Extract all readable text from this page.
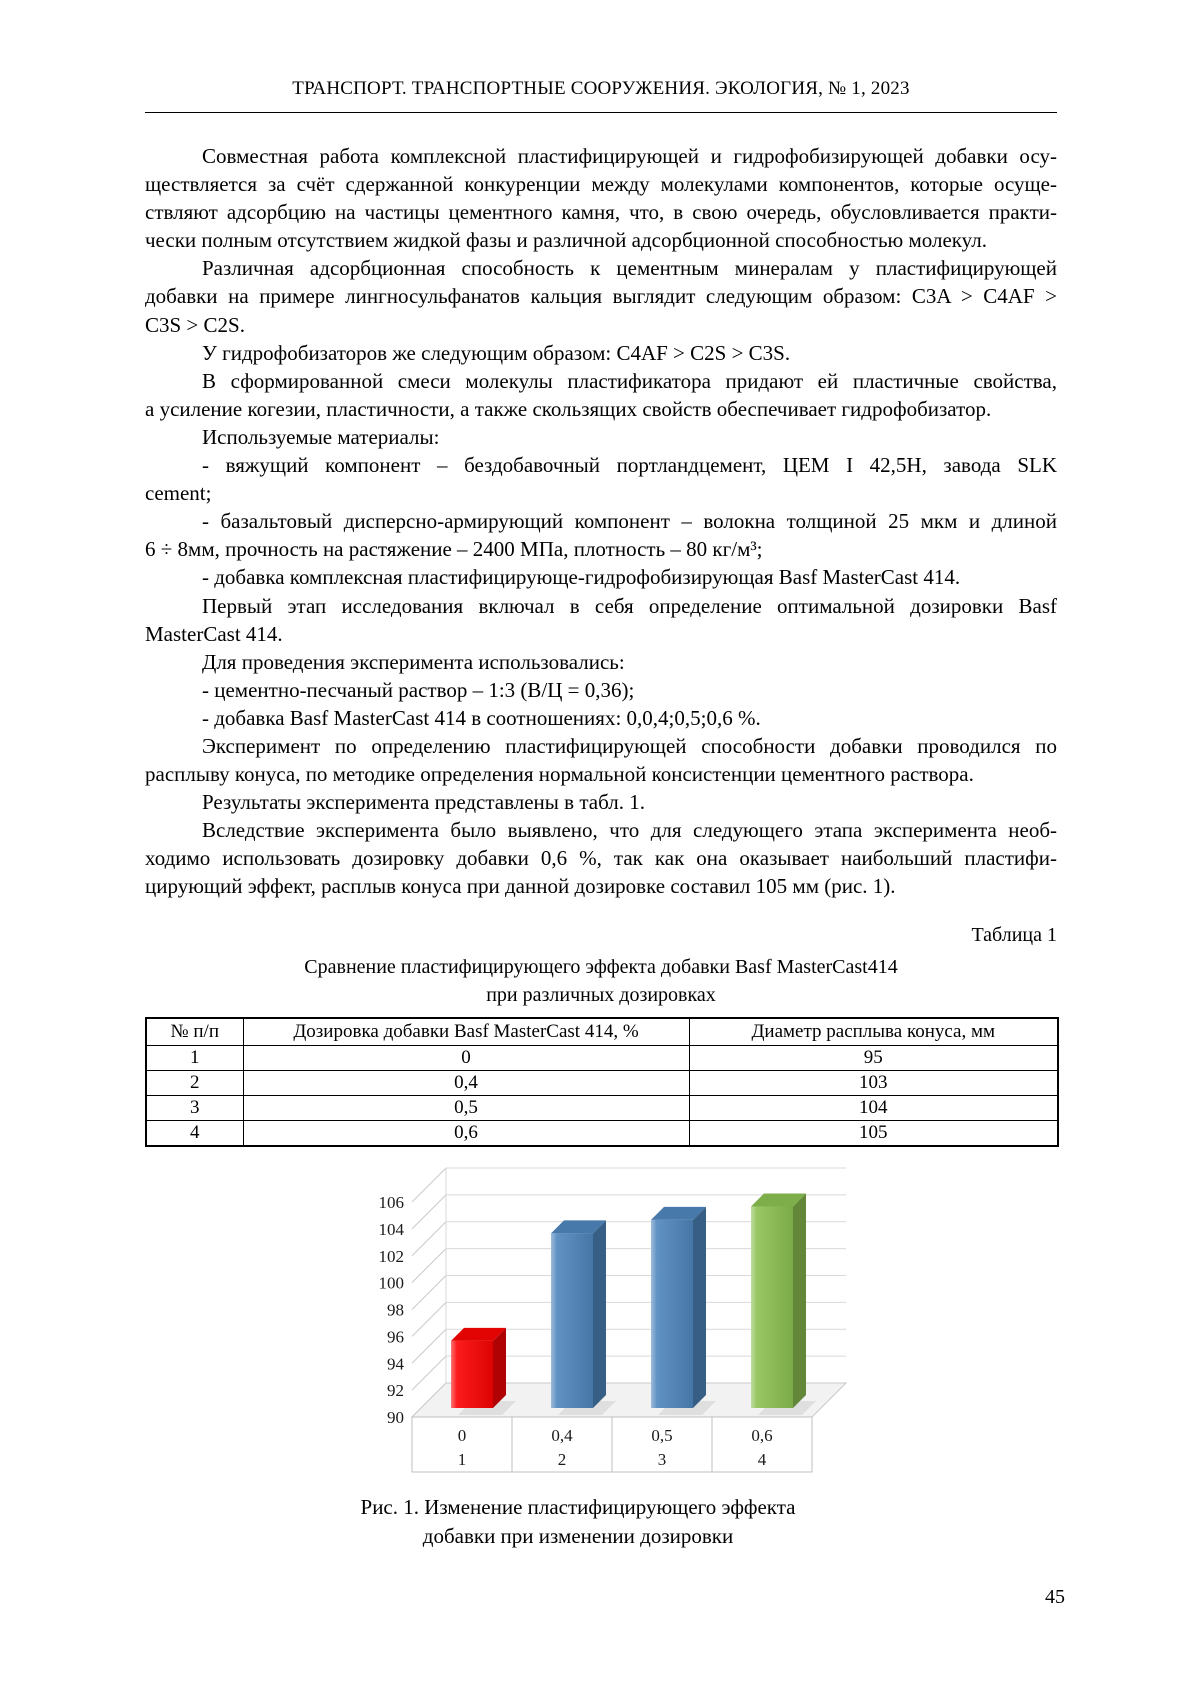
ТРАНСПОРТ. ТРАНСПОРТНЫЕ СООРУЖЕНИЯ. ЭКОЛОГИЯ, № 1, 2023
Совместная работа комплексной пластифицирующей и гидрофобизирующей добавки осу-
ществляется за счёт сдержанной конкуренции между молекулами компонентов, которые осуще-
ствляют адсорбцию на частицы цементного камня, что, в свою очередь, обусловливается практи-
чески полным отсутствием жидкой фазы и различной адсорбционной способностью молекул.
Различная адсорбционная способность к цементным минералам у пластифицирующей
добавки на примере лингносульфанатов кальция выглядит следующим образом: C3A > C4AF >
C3S > C2S.
У гидрофобизаторов же следующим образом: C4AF > C2S > C3S.
В сформированной смеси молекулы пластификатора придают ей пластичные свойства,
а усиление когезии, пластичности, а также скользящих свойств обеспечивает гидрофобизатор.
Используемые материалы:
- вяжущий компонент – бездобавочный портландцемент, ЦЕМ I 42,5Н, завода SLK
cement;
- базальтовый дисперсно-армирующий компонент – волокна толщиной 25 мкм и длиной
6 ÷ 8мм, прочность на растяжение – 2400 МПа, плотность – 80 кг/м³;
- добавка комплексная пластифицирующе-гидрофобизирующая Basf MasterCast 414.
Первый этап исследования включал в себя определение оптимальной дозировки Basf
MasterCast 414.
Для проведения эксперимента использовались:
- цементно-песчаный раствор – 1:3 (В/Ц = 0,36);
- добавка Basf MasterCast 414 в соотношениях: 0,0,4;0,5;0,6 %.
Эксперимент по определению пластифицирующей способности добавки проводился по
расплыву конуса, по методике определения нормальной консистенции цементного раствора.
Результаты эксперимента представлены в табл. 1.
Вследствие эксперимента было выявлено, что для следующего этапа эксперимента необ-
ходимо использовать дозировку добавки 0,6 %, так как она оказывает наибольший пластифи-
цирующий эффект, расплыв конуса при данной дозировке составил 105 мм (рис. 1).
Таблица 1
Сравнение пластифицирующего эффекта добавки Basf MasterCast414
при различных дозировках
№ п/п	Дозировка добавки Basf MasterCast 414, %	Диаметр расплыва конуса, мм
1	0	95
2	0,4	103
3	0,5	104
4	0,6	105
90
92
94
96
98
100
102
104
106
0
1
0,4
2
0,5
3
0,6
4
Рис. 1. Изменение пластифицирующего эффекта
добавки при изменении дозировки
45
